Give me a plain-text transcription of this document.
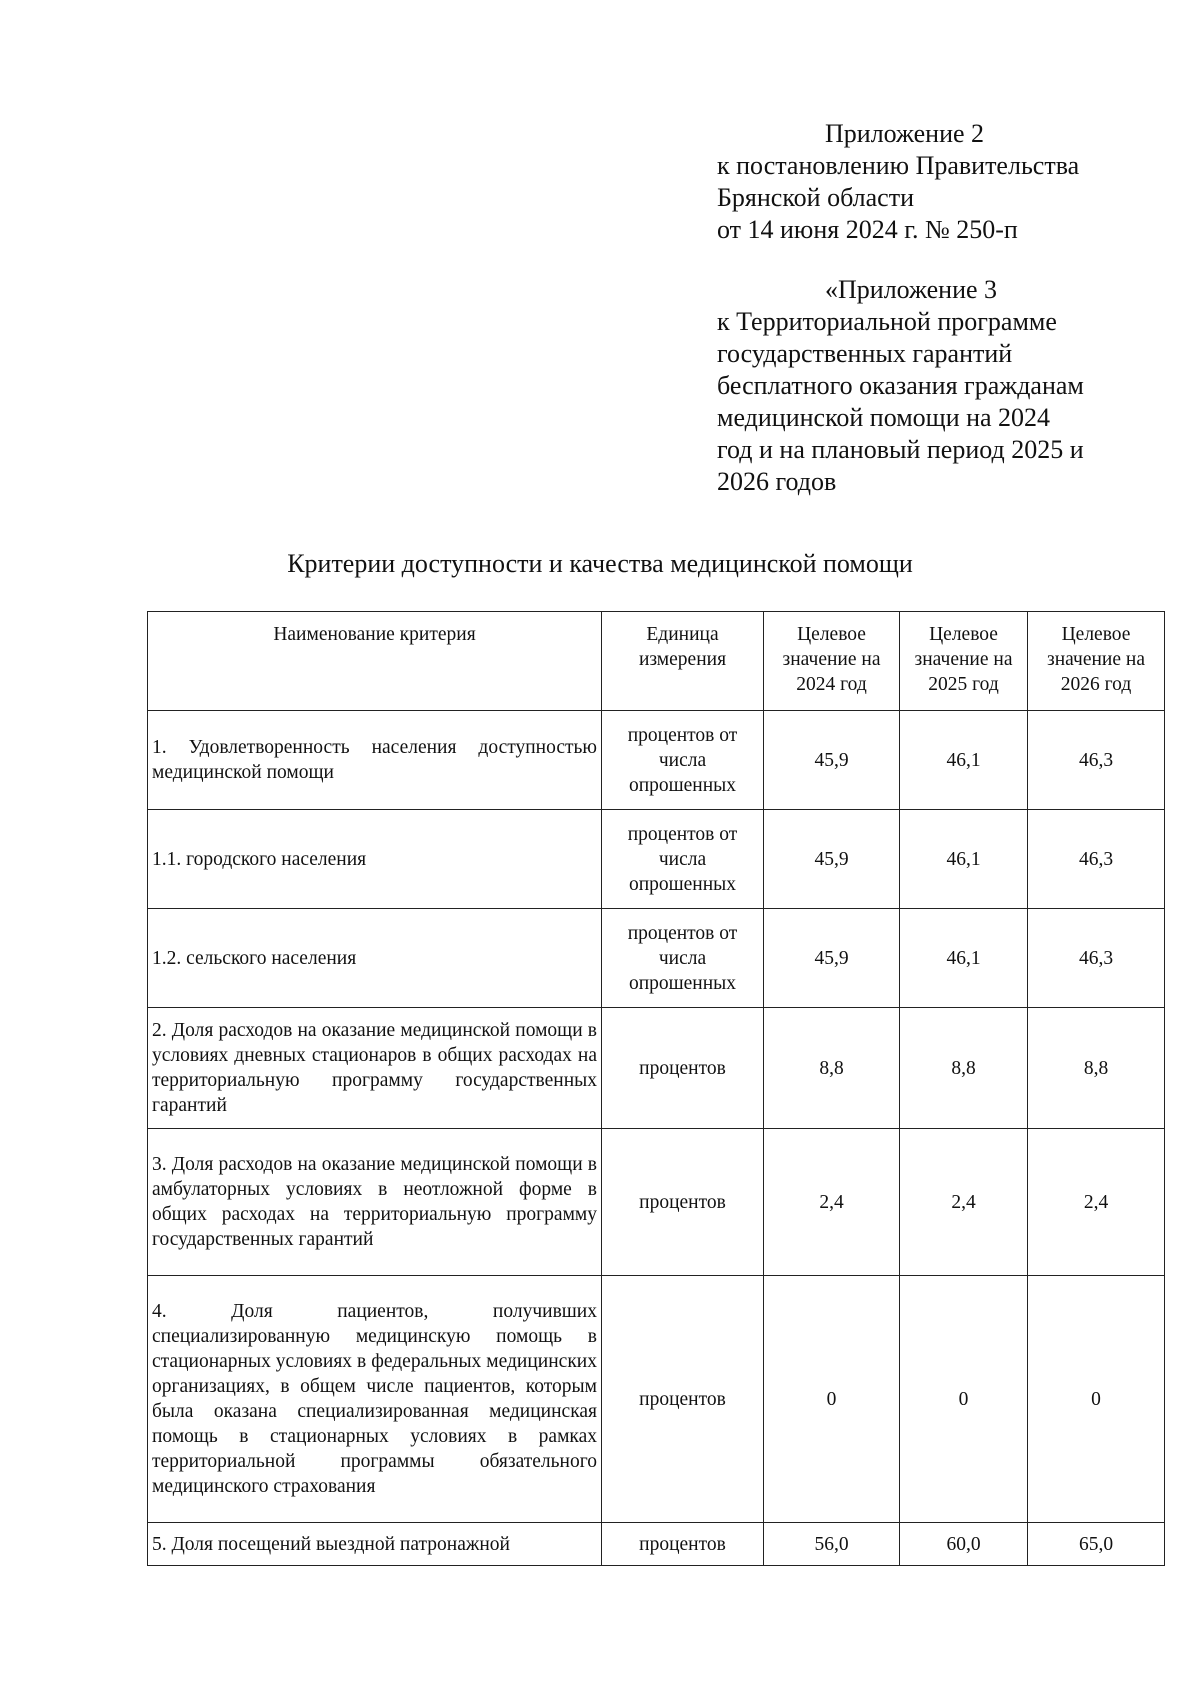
Приложение 2
к постановлению Правительства
Брянской области
от 14 июня 2024 г. № 250-п
«Приложение 3
к Территориальной программе
государственных гарантий
бесплатного оказания гражданам
медицинской помощи на 2024
год и на плановый период 2025 и
2026 годов
Критерии доступности и качества медицинской помощи
Наименование критерия	Единица измерения	Целевое значение на 2024 год	Целевое значение на 2025 год	Целевое значение на 2026 год
1. Удовлетворенность населения доступностью медицинской помощи	процентов от числа опрошенных	45,9	46,1	46,3
1.1. городского населения	процентов от числа опрошенных	45,9	46,1	46,3
1.2. сельского населения	процентов от числа опрошенных	45,9	46,1	46,3
2. Доля расходов на оказание медицинской помощи в условиях дневных стационаров в общих расходах на территориальную программу государственных гарантий	процентов	8,8	8,8	8,8
3. Доля расходов на оказание медицинской помощи в амбулаторных условиях в неотложной форме в общих расходах на территориальную программу государственных гарантий	процентов	2,4	2,4	2,4
4. Доля пациентов, получивших специализированную медицинскую помощь в стационарных условиях в федеральных медицинских организациях, в общем числе пациентов, которым была оказана специализированная медицинская помощь в стационарных условиях в рамках территориальной программы обязательного медицинского страхования	процентов	0	0	0
5. Доля посещений выездной патронажной	процентов	56,0	60,0	65,0
